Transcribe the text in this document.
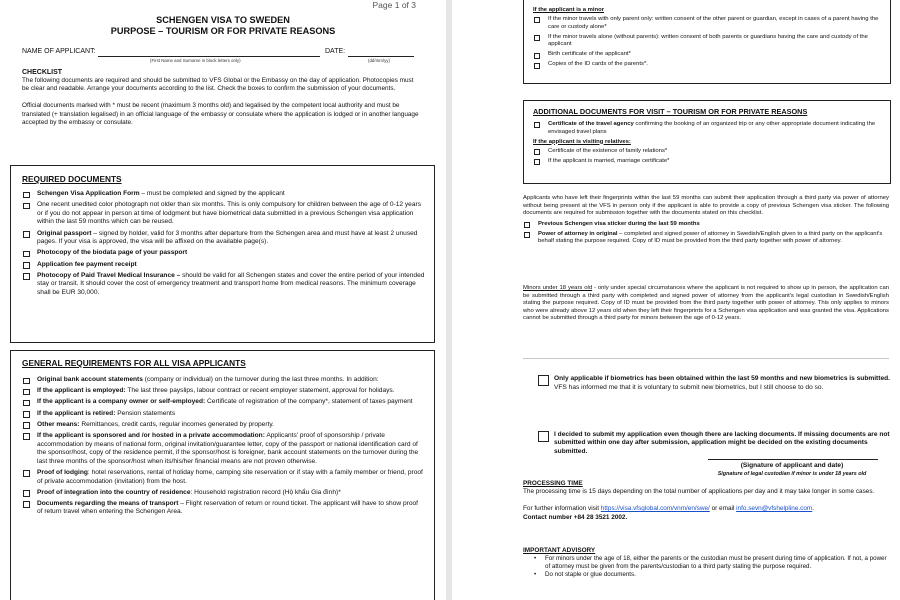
Page 1 of 3
SCHENGEN VISA TO SWEDEN
PURPOSE – TOURISM OR FOR PRIVATE REASONS
NAME OF APPLICANT:
(First Name and Surname in block letters only)
DATE:
(dd/mm/yy)
CHECKLIST
The following documents are required and should be submitted to VFS Global or the Embassy on the day of application. Photocopies must be clear and readable. Arrange your documents according to the list. Check the boxes to confirm the submission of your documents.
Official documents marked with * must be recent (maximum 3 months old) and legalised by the competent local authority and must be translated (+ translation legalised) in an official language of the embassy or consulate where the application is lodged or in another language accepted by the embassy or consulate.
REQUIRED DOCUMENTS
Schengen Visa Application Form – must be completed and signed by the applicant
One recent unedited color photograph not older than six months. This is only compulsory for children between the age of 0-12 years or if you do not appear in person at time of lodgment but have biometrical data submitted in a previous Schengen visa application within the last 59 months which can be reused.
Original passport – signed by holder, valid for 3 months after departure from the Schengen area and must have at least 2 unused pages. If your visa is approved, the visa will be affixed on the available page(s).
Photocopy of the biodata page of your passport
Application fee payment receipt
Photocopy of Paid Travel Medical Insurance – should be valid for all Schengen states and cover the entire period of your intended stay or transit. It should cover the cost of emergency treatment and transport home from medical reasons. The minimum coverage shall be EUR 30,000.
GENERAL REQUIREMENTS FOR ALL VISA APPLICANTS
Original bank account statements (company or individual) on the turnover during the last three months. In addition:
If the applicant is employed: The last three payslips, labour contract or recent employer statement, approval for holidays.
If the applicant is a company owner or self-employed: Certificate of registration of the company*, statement of taxes payment
If the applicant is retired: Pension statements
Other means: Remittances, credit cards, regular incomes generated by property.
If the applicant is sponsored and /or hosted in a private accommodation: Applicants' proof of sponsorship / private accommodation by means of national form, original invitation/guarantee letter, copy of the passport or national identification card of the sponsor/host, copy of the residence permit, if the sponsor/host is foreigner, bank account statements on the turnover during the last three months of the sponsor/host when its/his/her financial means are not proven otherwise.
Proof of lodging: hotel reservations, rental of holiday home, camping site reservation or if stay with a family member or friend, proof of private accommodation (invitation) from the host.
Proof of integration into the country of residence: Household registration record (Hộ khẩu Gia đình)*
Documents regarding the means of transport – Flight reservation of return or round ticket. The applicant will have to show proof of return travel when entering the Schengen Area.
If the applicant is a minor
If the minor travels with only parent only: written consent of the other parent or guardian, except in cases of a parent having the care or custody alone*
If the minor travels alone (without parents): written consent of both parents or guardians having the care and custody of the applicant
Birth certificate of the applicant*
Copies of the ID cards of the parents*.
ADDITIONAL DOCUMENTS FOR VISIT – TOURISM OR FOR PRIVATE REASONS
Certificate of the travel agency confirming the booking of an organized trip or any other appropriate document indicating the envisaged travel plans
If the applicant is visiting relatives:
Certificate of the existence of family relations*
If the applicant is married, marriage certificate*
Applicants who have left their fingerprints within the last 59 months can submit their application through a third party via power of attorney without being present at the VFS in person only if the applicant is able to provide a copy of previous Schengen visa sticker. The following documents are required for submission together with the documents stated on this checklist.
Previous Schengen visa sticker during the last 59 months
Power of attorney in original – completed and signed power of attorney in Swedish/English given to a third party on the applicant's behalf stating the purpose required. Copy of ID must be provided from the third party together with power of attorney.
Minors under 18 years old - only under special circumstances where the applicant is not required to show up in person, the application can be submitted through a third party with completed and signed power of attorney from the applicant's legal custodian in Swedish/English stating the purpose required. Copy of ID must be provided from the third party together with power of attorney. This only applies to minors who were already above 12 years old when they left their fingerprints for a Schengen visa application and was granted the visa. Applications cannot be submitted through a third party for minors between the age of 0-12 years.
Only applicable if biometrics has been obtained within the last 59 months and new biometrics is submitted. VFS has informed me that it is voluntary to submit new biometrics, but I still choose to do so.
I decided to submit my application even though there are lacking documents. If missing documents are not submitted within one day after submission, application might be decided on the existing documents submitted.
(Signature of applicant and date)
Signature of legal custodian if minor is under 18 years old
PROCESSING TIME
The processing time is 15 days depending on the total number of applications per day and it may take longer in some cases.
For further information visit https://visa.vfsglobal.com/vnm/en/swe/ or email info.sevn@vfshelpline.com.
Contact number +84 28 3521 2002.
IMPORTANT ADVISORY
• For minors under the age of 18, either the parents or the custodian must be present during time of application. If not, a power of attorney must be given from the parents/custodian to a third party stating the purpose required.
• Do not staple or glue documents.
